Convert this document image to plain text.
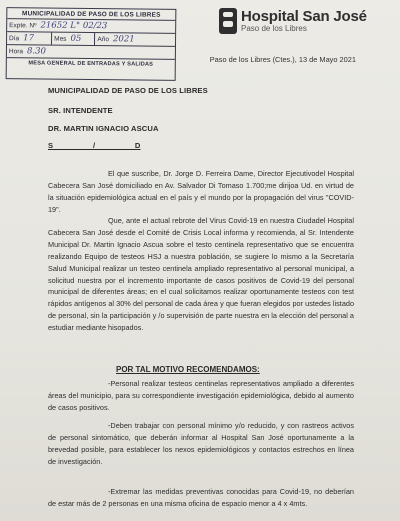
MUNICIPALIDAD DE PASO DE LOS LIBRES
Expte. Nº 21652 L° 02/23
Día 17	Mes 05	Año 2021
Hora 8.30
MESA GENERAL DE ENTRADAS Y SALIDAS
Hospital San José
Paso de los Libres
Paso de los Libres (Ctes.), 13 de Mayo 2021
MUNICIPALIDAD DE PASO DE LOS LIBRES
SR. INTENDENTE
DR. MARTIN IGNACIO ASCUA
S                  /                  D
El que suscribe, Dr. Jorge D. Ferreira Dame, Director Ejecutivodel Hospital Cabecera San José domiciliado en Av. Salvador Di Tomaso 1.700;me dirijoa Ud. en virtud de la situación epidemiológica actual en el país y el mundo por la propagación del virus "COVID-19".
Que, ante el actual rebrote del Virus Covid-19 en nuestra Ciudadel Hospital Cabecera San José desde el Comité de Crisis Local informa y recomienda, al Sr. Intendente Municipal Dr. Martin Ignacio Ascua sobre el testo centinela representativo que se encuentra realizando Equipo de testeos HSJ a nuestra población, se sugiere lo mismo a la Secretaría Salud Municipal realizar un testeo centinela ampliado representativo al personal municipal, a solicitud nuestra por el incremento importante de casos positivos de Covid-19 del personal municipal de diferentes áreas; en el cual solicitamos realizar oportunamente testeos con test rápidos antígenos al 30% del personal de cada área y que fueran elegidos por ustedes listado de personal, sin la participación y /o supervisión de parte nuestra en la elección del personal a estudiar mediante hisopados.
POR TAL MOTIVO RECOMENDAMOS:
-Personal realizar testeos centinelas representativos ampliado a diferentes áreas del municipio, para su correspondiente investigación epidemiológica, debido al aumento de casos positivos.
-Deben trabajar con personal mínimo y/o reducido, y con rastreos activos de personal sintomático, que deberán informar al Hospital San José oportunamente a la brevedad posible, para establecer los nexos epidemiológicos y contactos estrechos en línea de investigación.
-Extremar las medidas preventivas conocidas para Covid-19, no deberían de estar más de 2 personas en una misma oficina de espacio menor a 4 x 4mts.
